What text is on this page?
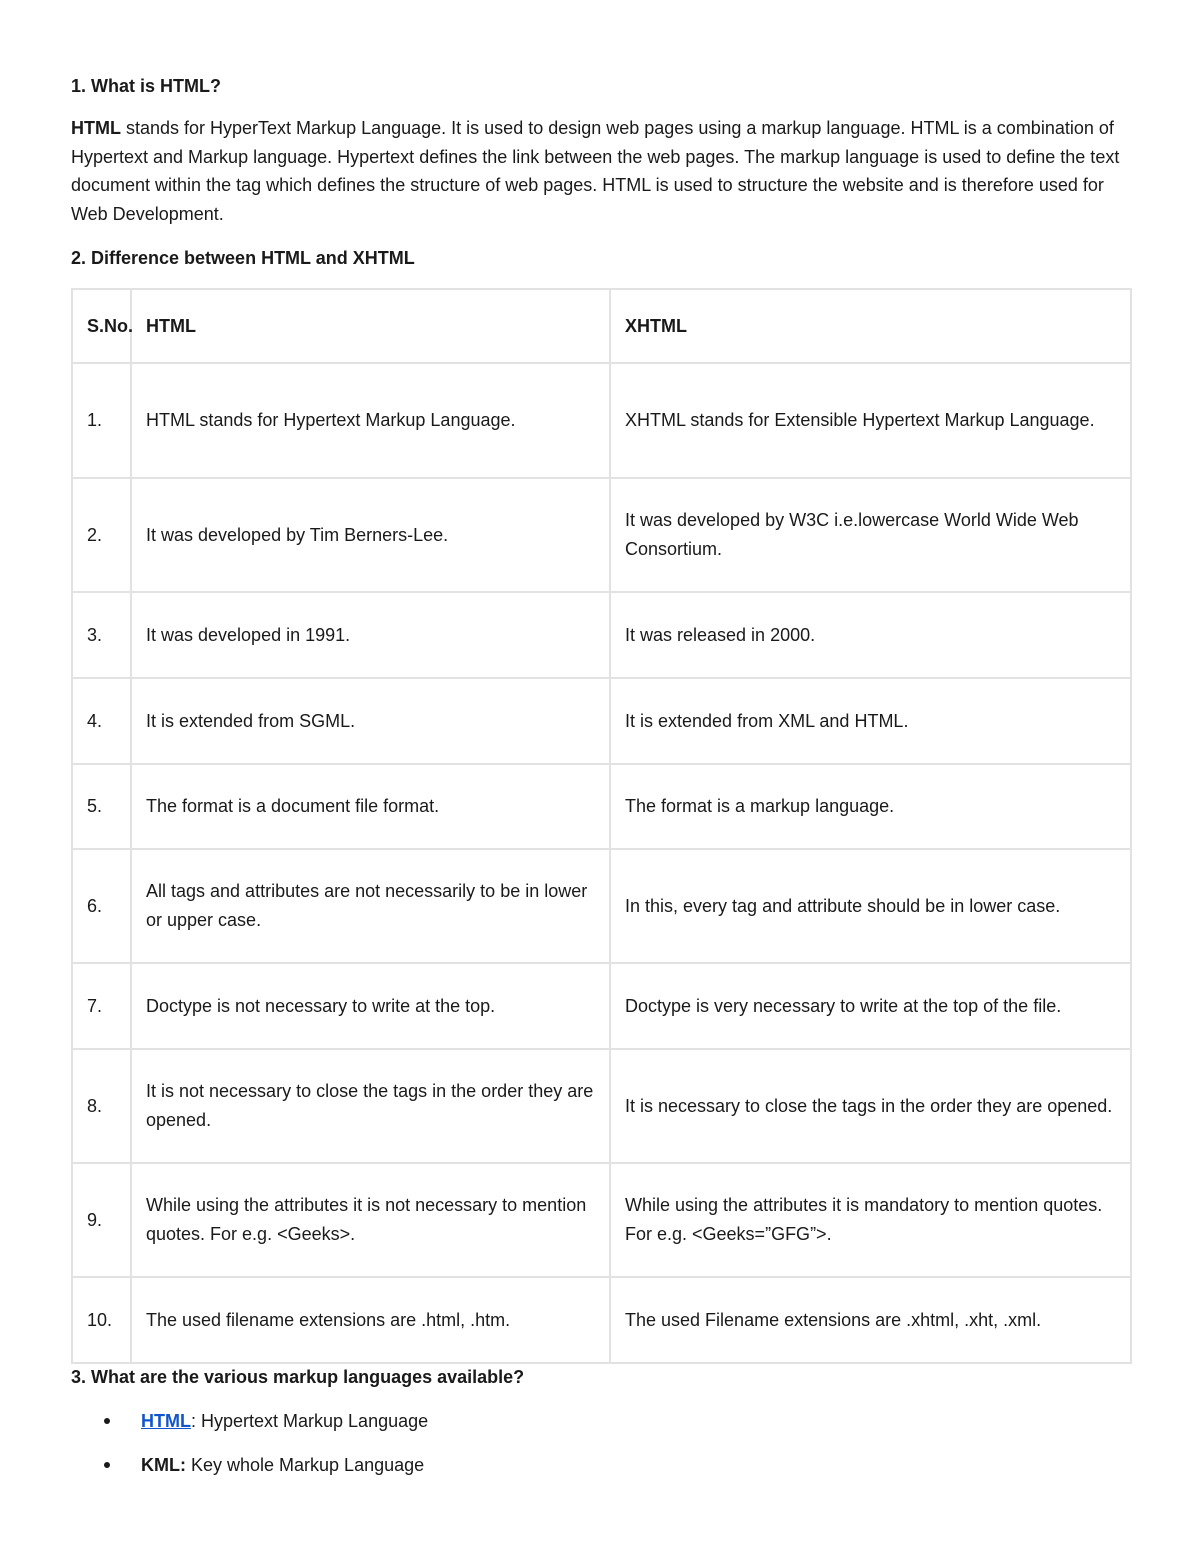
1. What is HTML?
HTML stands for HyperText Markup Language. It is used to design web pages using a markup language. HTML is a combination of Hypertext and Markup language. Hypertext defines the link between the web pages. The markup language is used to define the text document within the tag which defines the structure of web pages. HTML is used to structure the website and is therefore used for Web Development.
2. Difference between HTML and XHTML
S.No.	HTML	XHTML
1.	HTML stands for Hypertext Markup Language.	XHTML stands for Extensible Hypertext Markup Language.
2.	It was developed by Tim Berners-Lee.	It was developed by W3C i.e.lowercase World Wide Web Consortium.
3.	It was developed in 1991.	It was released in 2000.
4.	It is extended from SGML.	It is extended from XML and HTML.
5.	The format is a document file format.	The format is a markup language.
6.	All tags and attributes are not necessarily to be in lower or upper case.	In this, every tag and attribute should be in lower case.
7.	Doctype is not necessary to write at the top.	Doctype is very necessary to write at the top of the file.
8.	It is not necessary to close the tags in the order they are opened.	It is necessary to close the tags in the order they are opened.
9.	While using the attributes it is not necessary to mention quotes. For e.g. <Geeks>.	While using the attributes it is mandatory to mention quotes. For e.g. <Geeks=”GFG”>.
10.	The used filename extensions are .html, .htm.	The used Filename extensions are .xhtml, .xht, .xml.
3. What are the various markup languages available?
HTML: Hypertext Markup Language
KML: Key whole Markup Language
